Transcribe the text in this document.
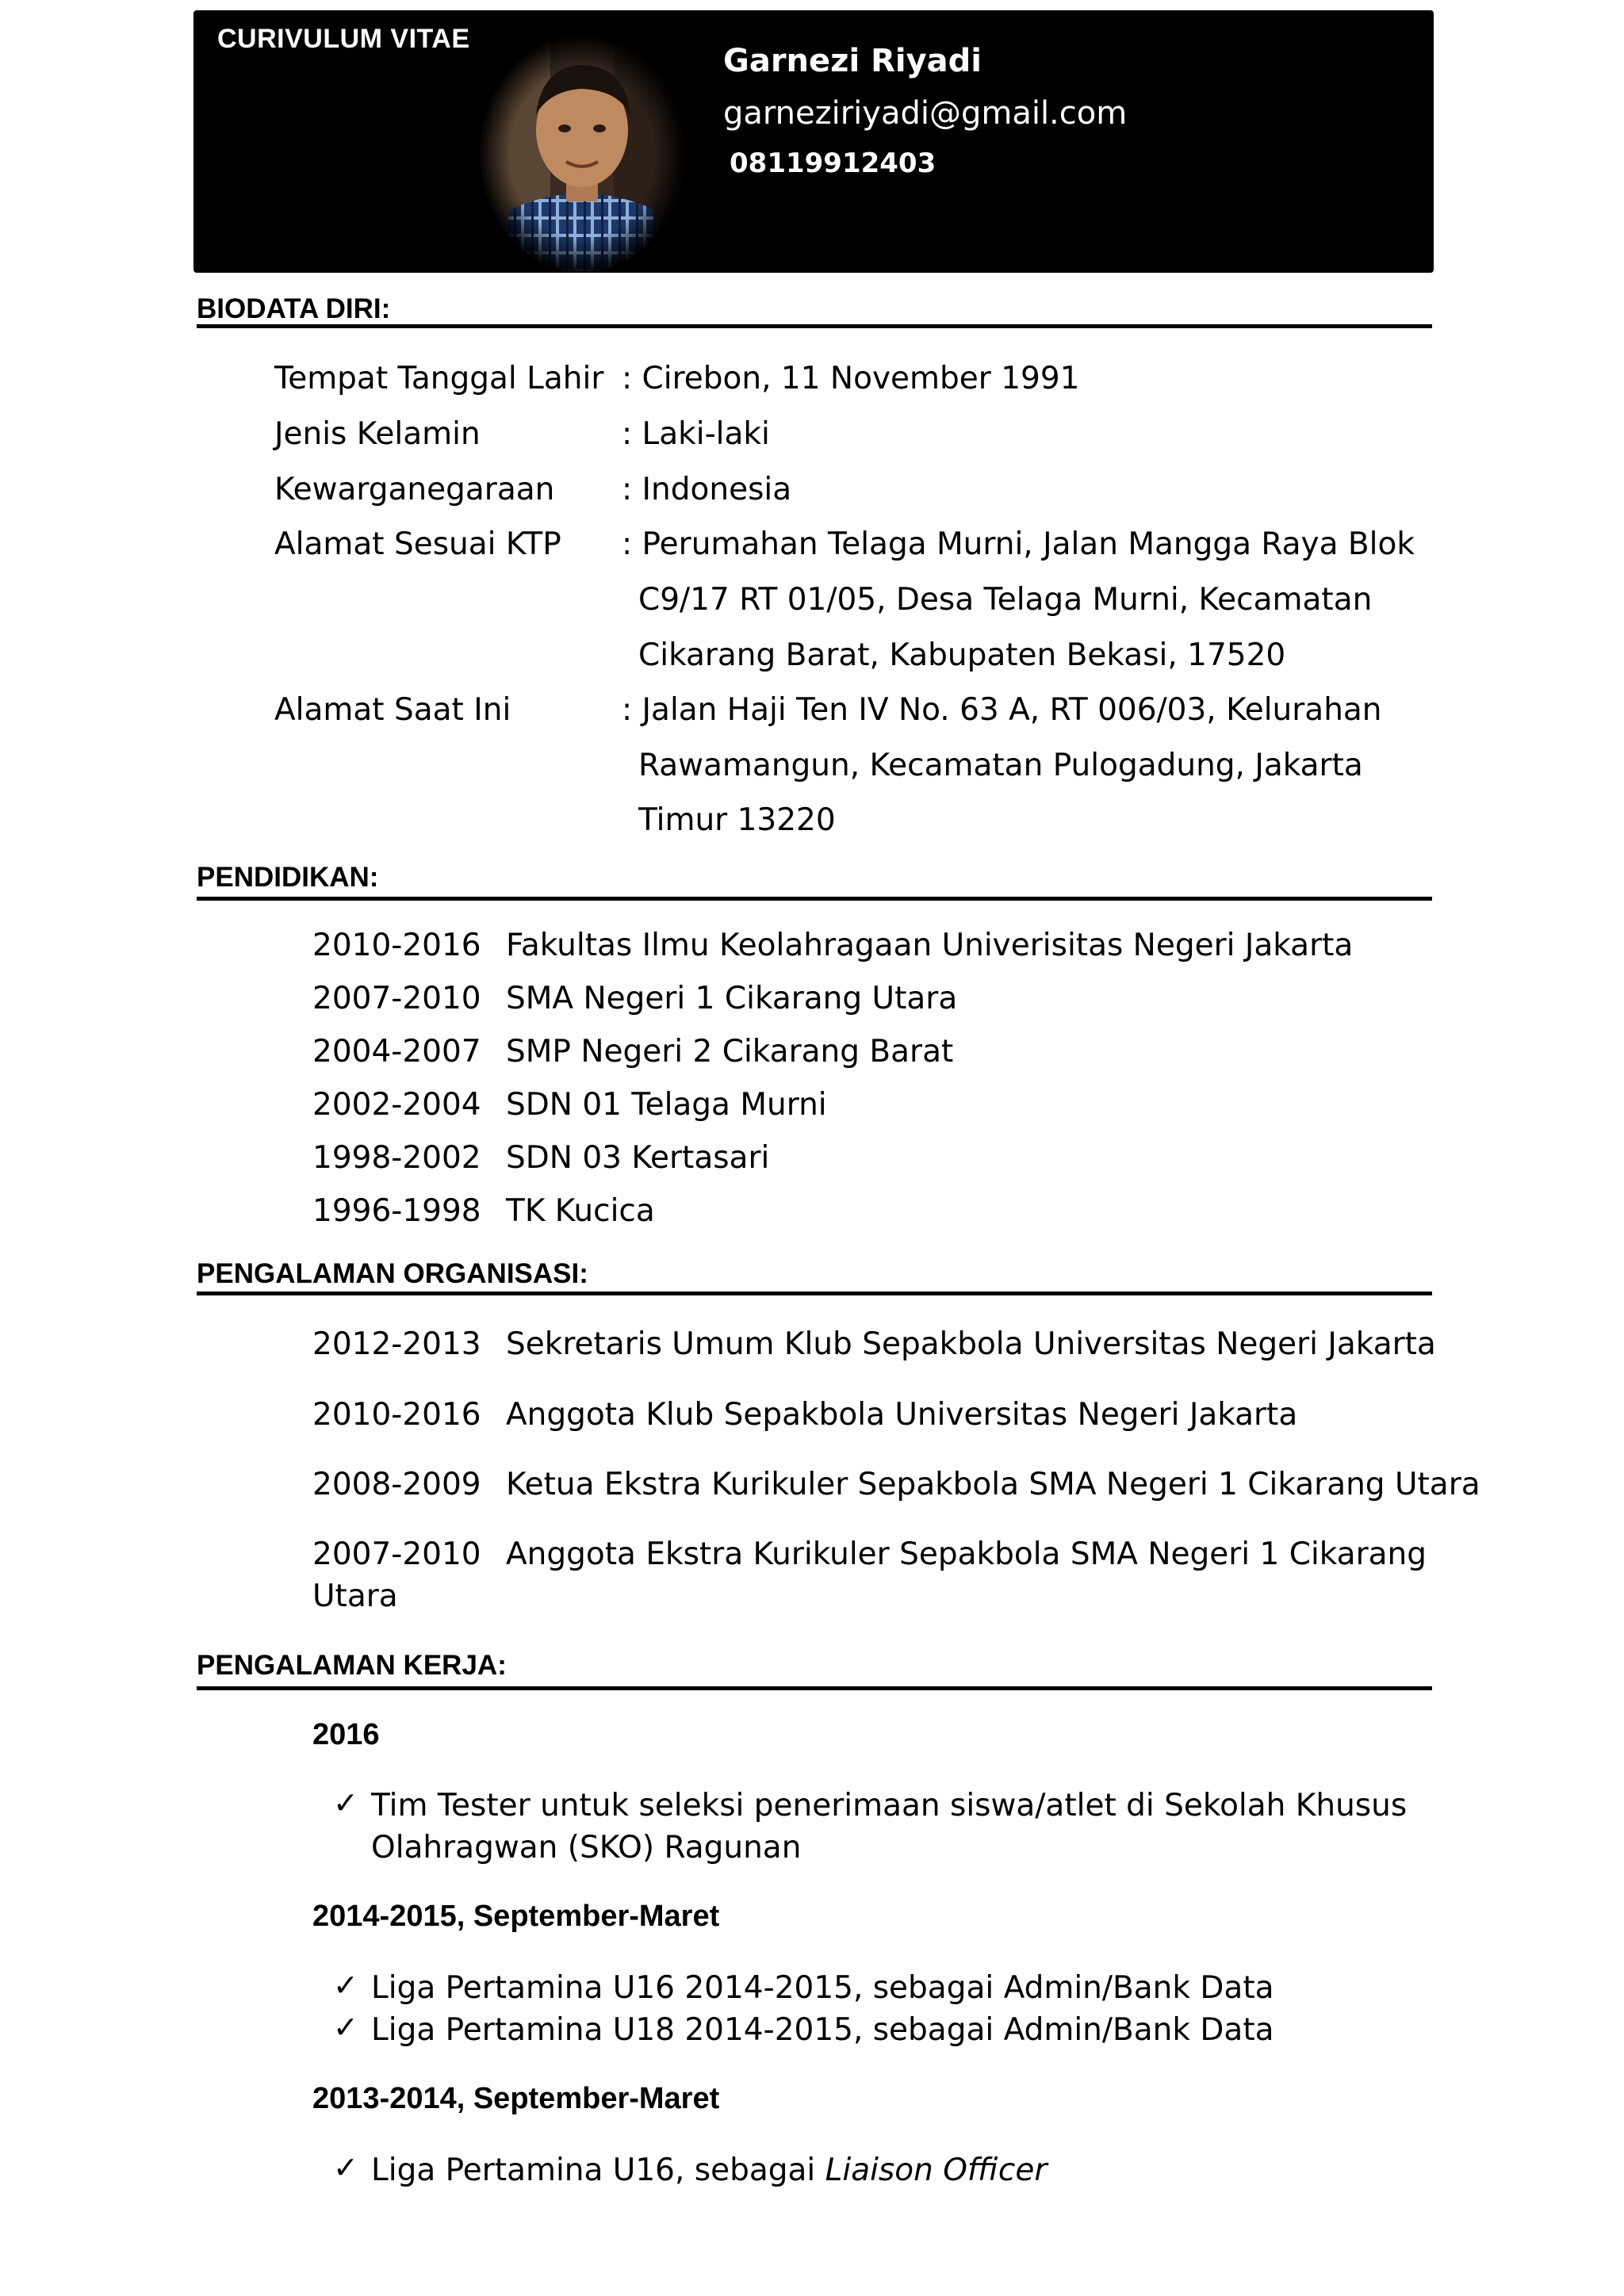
CURIVULUM VITAE
Garnezi Riyadi
garneziriyadi@gmail.com
08119912403
BIODATA DIRI:
Tempat Tanggal Lahir : Cirebon, 11 November 1991
Jenis Kelamin	: Laki-laki
Kewarganegaraan : Indonesia
Alamat Sesuai KTP : Perumahan Telaga Murni, Jalan Mangga Raya Blok
C9/17 RT 01/05, Desa Telaga Murni, Kecamatan
Cikarang Barat, Kabupaten Bekasi, 17520
Alamat Saat Ini	: Jalan Haji Ten IV No. 63 A, RT 006/03, Kelurahan
Rawamangun, Kecamatan Pulogadung, Jakarta
Timur 13220
PENDIDIKAN:
2010-2016 Fakultas Ilmu Keolahragaan Univerisitas Negeri Jakarta
2007-2010 SMA Negeri 1 Cikarang Utara
2004-2007 SMP Negeri 2 Cikarang Barat
2002-2004 SDN 01 Telaga Murni
1998-2002 SDN 03 Kertasari
1996-1998 TK Kucica
PENGALAMAN ORGANISASI:
2012-2013 Sekretaris Umum Klub Sepakbola Universitas Negeri Jakarta
2010-2016 Anggota Klub Sepakbola Universitas Negeri Jakarta
2008-2009 Ketua Ekstra Kurikuler Sepakbola SMA Negeri 1 Cikarang Utara
2007-2010 Anggota Ekstra Kurikuler Sepakbola SMA Negeri 1 Cikarang
Utara
PENGALAMAN KERJA:
2016
✓ Tim Tester untuk seleksi penerimaan siswa/atlet di Sekolah Khusus
Olahragwan (SKO) Ragunan
2014-2015, September-Maret
✓ Liga Pertamina U16 2014-2015, sebagai Admin/Bank Data
✓ Liga Pertamina U18 2014-2015, sebagai Admin/Bank Data
2013-2014, September-Maret
✓ Liga Pertamina U16, sebagai Liaison Officer
